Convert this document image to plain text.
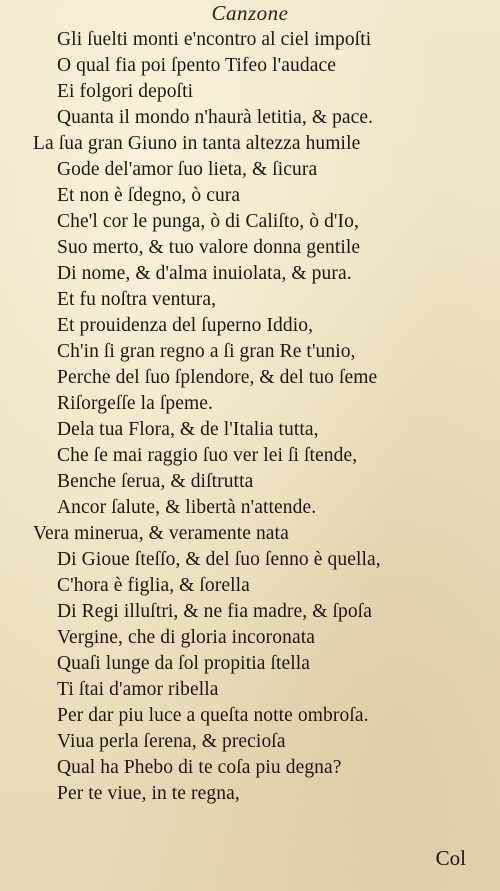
Canzone
Gli ſuelti monti e'ncontro al ciel impoſti
O qual fia poi ſpento Tifeo l'audace
Ei folgori depoſti
Quanta il mondo n'haurà letitia, & pace.
La ſua gran Giuno in tanta altezza humile
Gode del'amor ſuo lieta, & ſicura
Et non è ſdegno, ò cura
Che'l cor le punga, ò di Caliſto, ò d'Io,
Suo merto, & tuo valore donna gentile
Di nome, & d'alma inuiolata, & pura.
Et fu noſtra ventura,
Et prouidenza del ſuperno Iddio,
Ch'in ſi gran regno a ſi gran Re t'unio,
Perche del ſuo ſplendore, & del tuo ſeme
Riſorgeſſe la ſpeme.
Dela tua Flora, & de l'Italia tutta,
Che ſe mai raggio ſuo ver lei ſi ſtende,
Benche ſerua, & diſtrutta
Ancor ſalute, & libertà n'attende.
Vera minerua, & veramente nata
Di Gioue ſteſſo, & del ſuo ſenno è quella,
C'hora è figlia, & ſorella
Di Regi illuſtri, & ne fia madre, & ſpoſa
Vergine, che di gloria incoronata
Quaſi lunge da ſol propitia ſtella
Ti ſtai d'amor ribella
Per dar piu luce a queſta notte ombroſa.
Viua perla ſerena, & precioſa
Qual ha Phebo di te coſa piu degna?
Per te viue, in te regna,
Col
